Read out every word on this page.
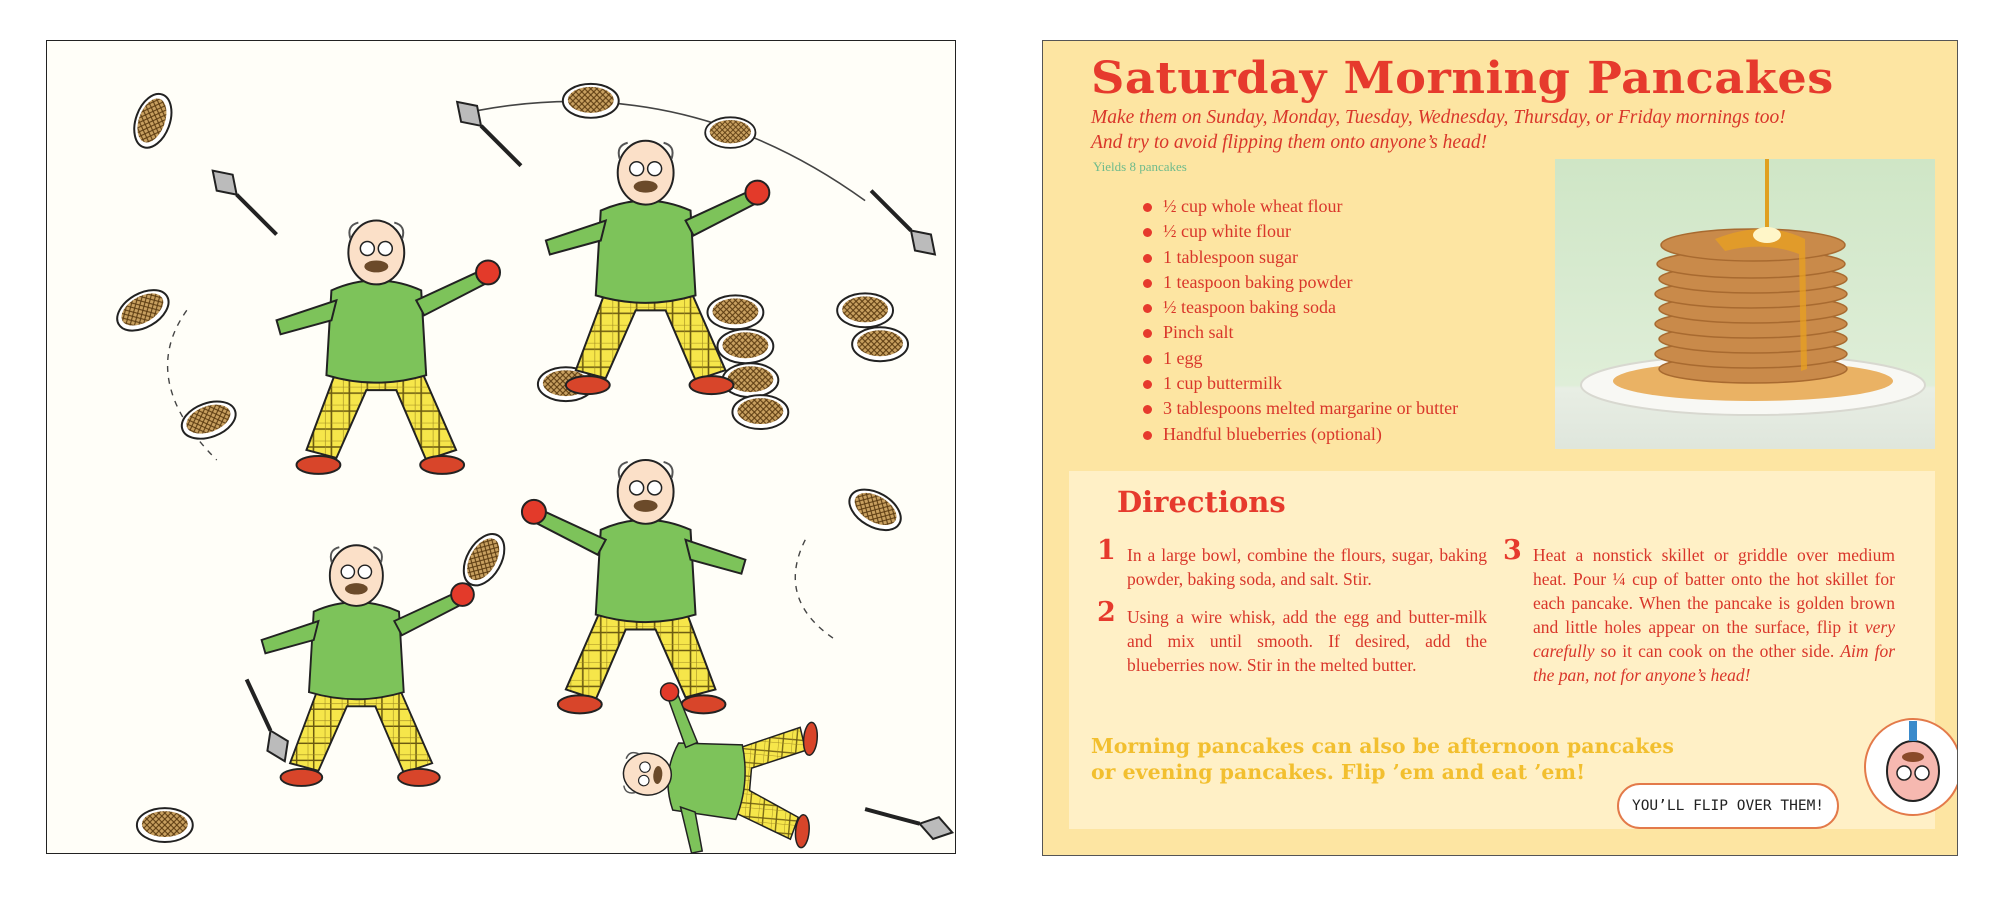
Saturday Morning Pancakes
Make them on Sunday, Monday, Tuesday, Wednesday, Thursday, or Friday mornings too!
And try to avoid flipping them onto anyone’s head!
Yields 8 pancakes
½ cup whole wheat flour
½ cup white flour
1 tablespoon sugar
1 teaspoon baking powder
½ teaspoon baking soda
Pinch salt
1 egg
1 cup buttermilk
3 tablespoons melted margarine or butter
Handful blueberries (optional)
Directions
1 In a large bowl, combine the flours, sugar, baking powder, baking soda, and salt. Stir.

2 Using a wire whisk, add the egg and butter-milk and mix until smooth. If desired, add the blueberries now. Stir in the melted butter.

3 Heat a nonstick skillet or griddle over medium heat. Pour ¼ cup of batter onto the hot skillet for each pancake. When the pancake is golden brown and little holes appear on the surface, flip it very carefully so it can cook on the other side. Aim for the pan, not for anyone’s head!

Morning pancakes can also be afternoon pancakes
or evening pancakes. Flip ’em and eat ’em!
YOU’LL FLIP OVER THEM!
